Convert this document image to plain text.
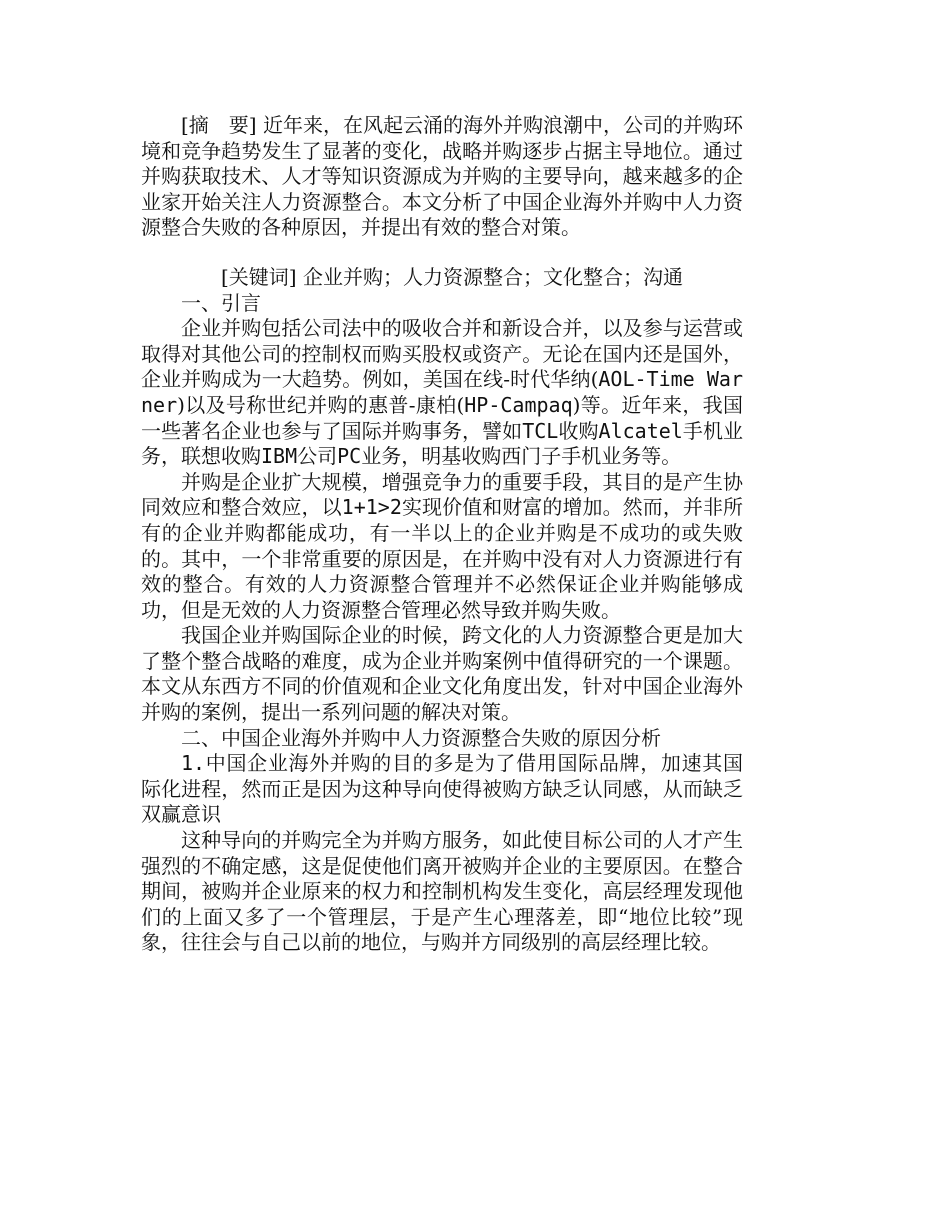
[摘　要] 近年来，在风起云涌的海外并购浪潮中，公司的并购环境和竞争趋势发生了显著的变化，战略并购逐步占据主导地位。通过并购获取技术、人才等知识资源成为并购的主要导向，越来越多的企业家开始关注人力资源整合。本文分析了中国企业海外并购中人力资源整合失败的各种原因，并提出有效的整合对策。

[关键词] 企业并购；人力资源整合；文化整合；沟通

一、引言

企业并购包括公司法中的吸收合并和新设合并，以及参与运营或取得对其他公司的控制权而购买股权或资产。无论在国内还是国外，企业并购成为一大趋势。例如，美国在线-时代华纳(AOL-Time Warner)以及号称世纪并购的惠普-康柏(HP-Campaq)等。近年来，我国一些著名企业也参与了国际并购事务，譬如TCL收购Alcatel手机业务，联想收购IBM公司PC业务，明基收购西门子手机业务等。

并购是企业扩大规模，增强竞争力的重要手段，其目的是产生协同效应和整合效应，以1+1>2实现价值和财富的增加。然而，并非所有的企业并购都能成功，有一半以上的企业并购是不成功的或失败的。其中，一个非常重要的原因是，在并购中没有对人力资源进行有效的整合。有效的人力资源整合管理并不必然保证企业并购能够成功，但是无效的人力资源整合管理必然导致并购失败。

我国企业并购国际企业的时候，跨文化的人力资源整合更是加大了整个整合战略的难度，成为企业并购案例中值得研究的一个课题。本文从东西方不同的价值观和企业文化角度出发，针对中国企业海外并购的案例，提出一系列问题的解决对策。

二、中国企业海外并购中人力资源整合失败的原因分析

1.中国企业海外并购的目的多是为了借用国际品牌，加速其国际化进程，然而正是因为这种导向使得被购方缺乏认同感，从而缺乏双赢意识

这种导向的并购完全为并购方服务，如此使目标公司的人才产生强烈的不确定感，这是促使他们离开被购并企业的主要原因。在整合期间，被购并企业原来的权力和控制机构发生变化，高层经理发现他们的上面又多了一个管理层，于是产生心理落差，即“地位比较”现象，往往会与自己以前的地位，与购并方同级别的高层经理比较。
